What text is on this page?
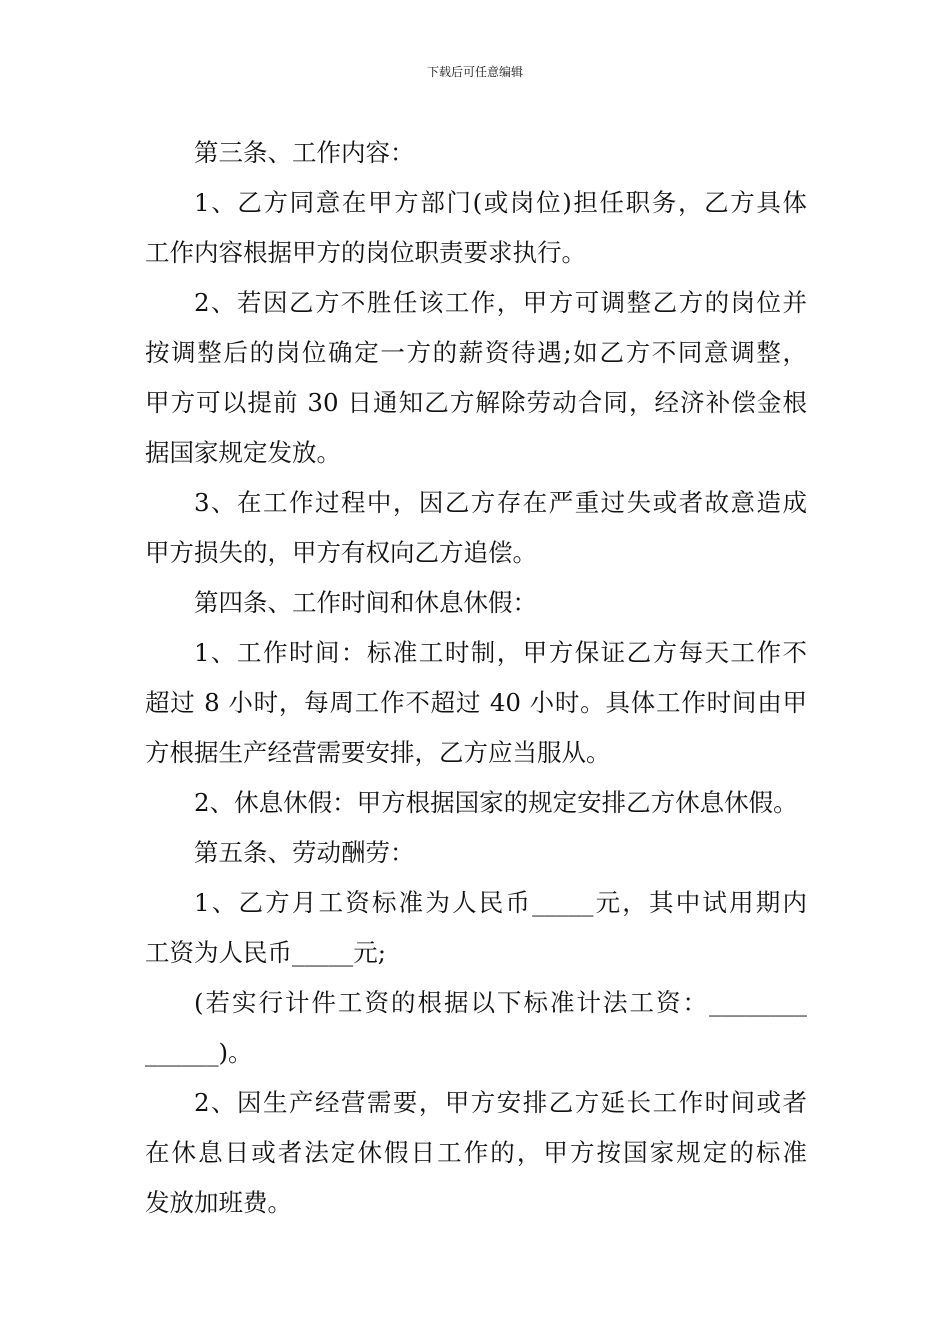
下载后可任意编辑

第三条、工作内容：

1、乙方同意在甲方部门(或岗位)担任职务，乙方具体
工作内容根据甲方的岗位职责要求执行。

2、若因乙方不胜任该工作，甲方可调整乙方的岗位并
按调整后的岗位确定一方的薪资待遇;如乙方不同意调整，
甲方可以提前 30 日通知乙方解除劳动合同，经济补偿金根
据国家规定发放。

3、在工作过程中，因乙方存在严重过失或者故意造成
甲方损失的，甲方有权向乙方追偿。

第四条、工作时间和休息休假：

1、工作时间：标准工时制，甲方保证乙方每天工作不
超过 8 小时，每周工作不超过 40 小时。具体工作时间由甲
方根据生产经营需要安排，乙方应当服从。

2、休息休假：甲方根据国家的规定安排乙方休息休假。

第五条、劳动酬劳：

1、乙方月工资标准为人民币_____元，其中试用期内
工资为人民币_____元;

(若实行计件工资的根据以下标准计法工资：________
______)。

2、因生产经营需要，甲方安排乙方延长工作时间或者
在休息日或者法定休假日工作的，甲方按国家规定的标准
发放加班费。
